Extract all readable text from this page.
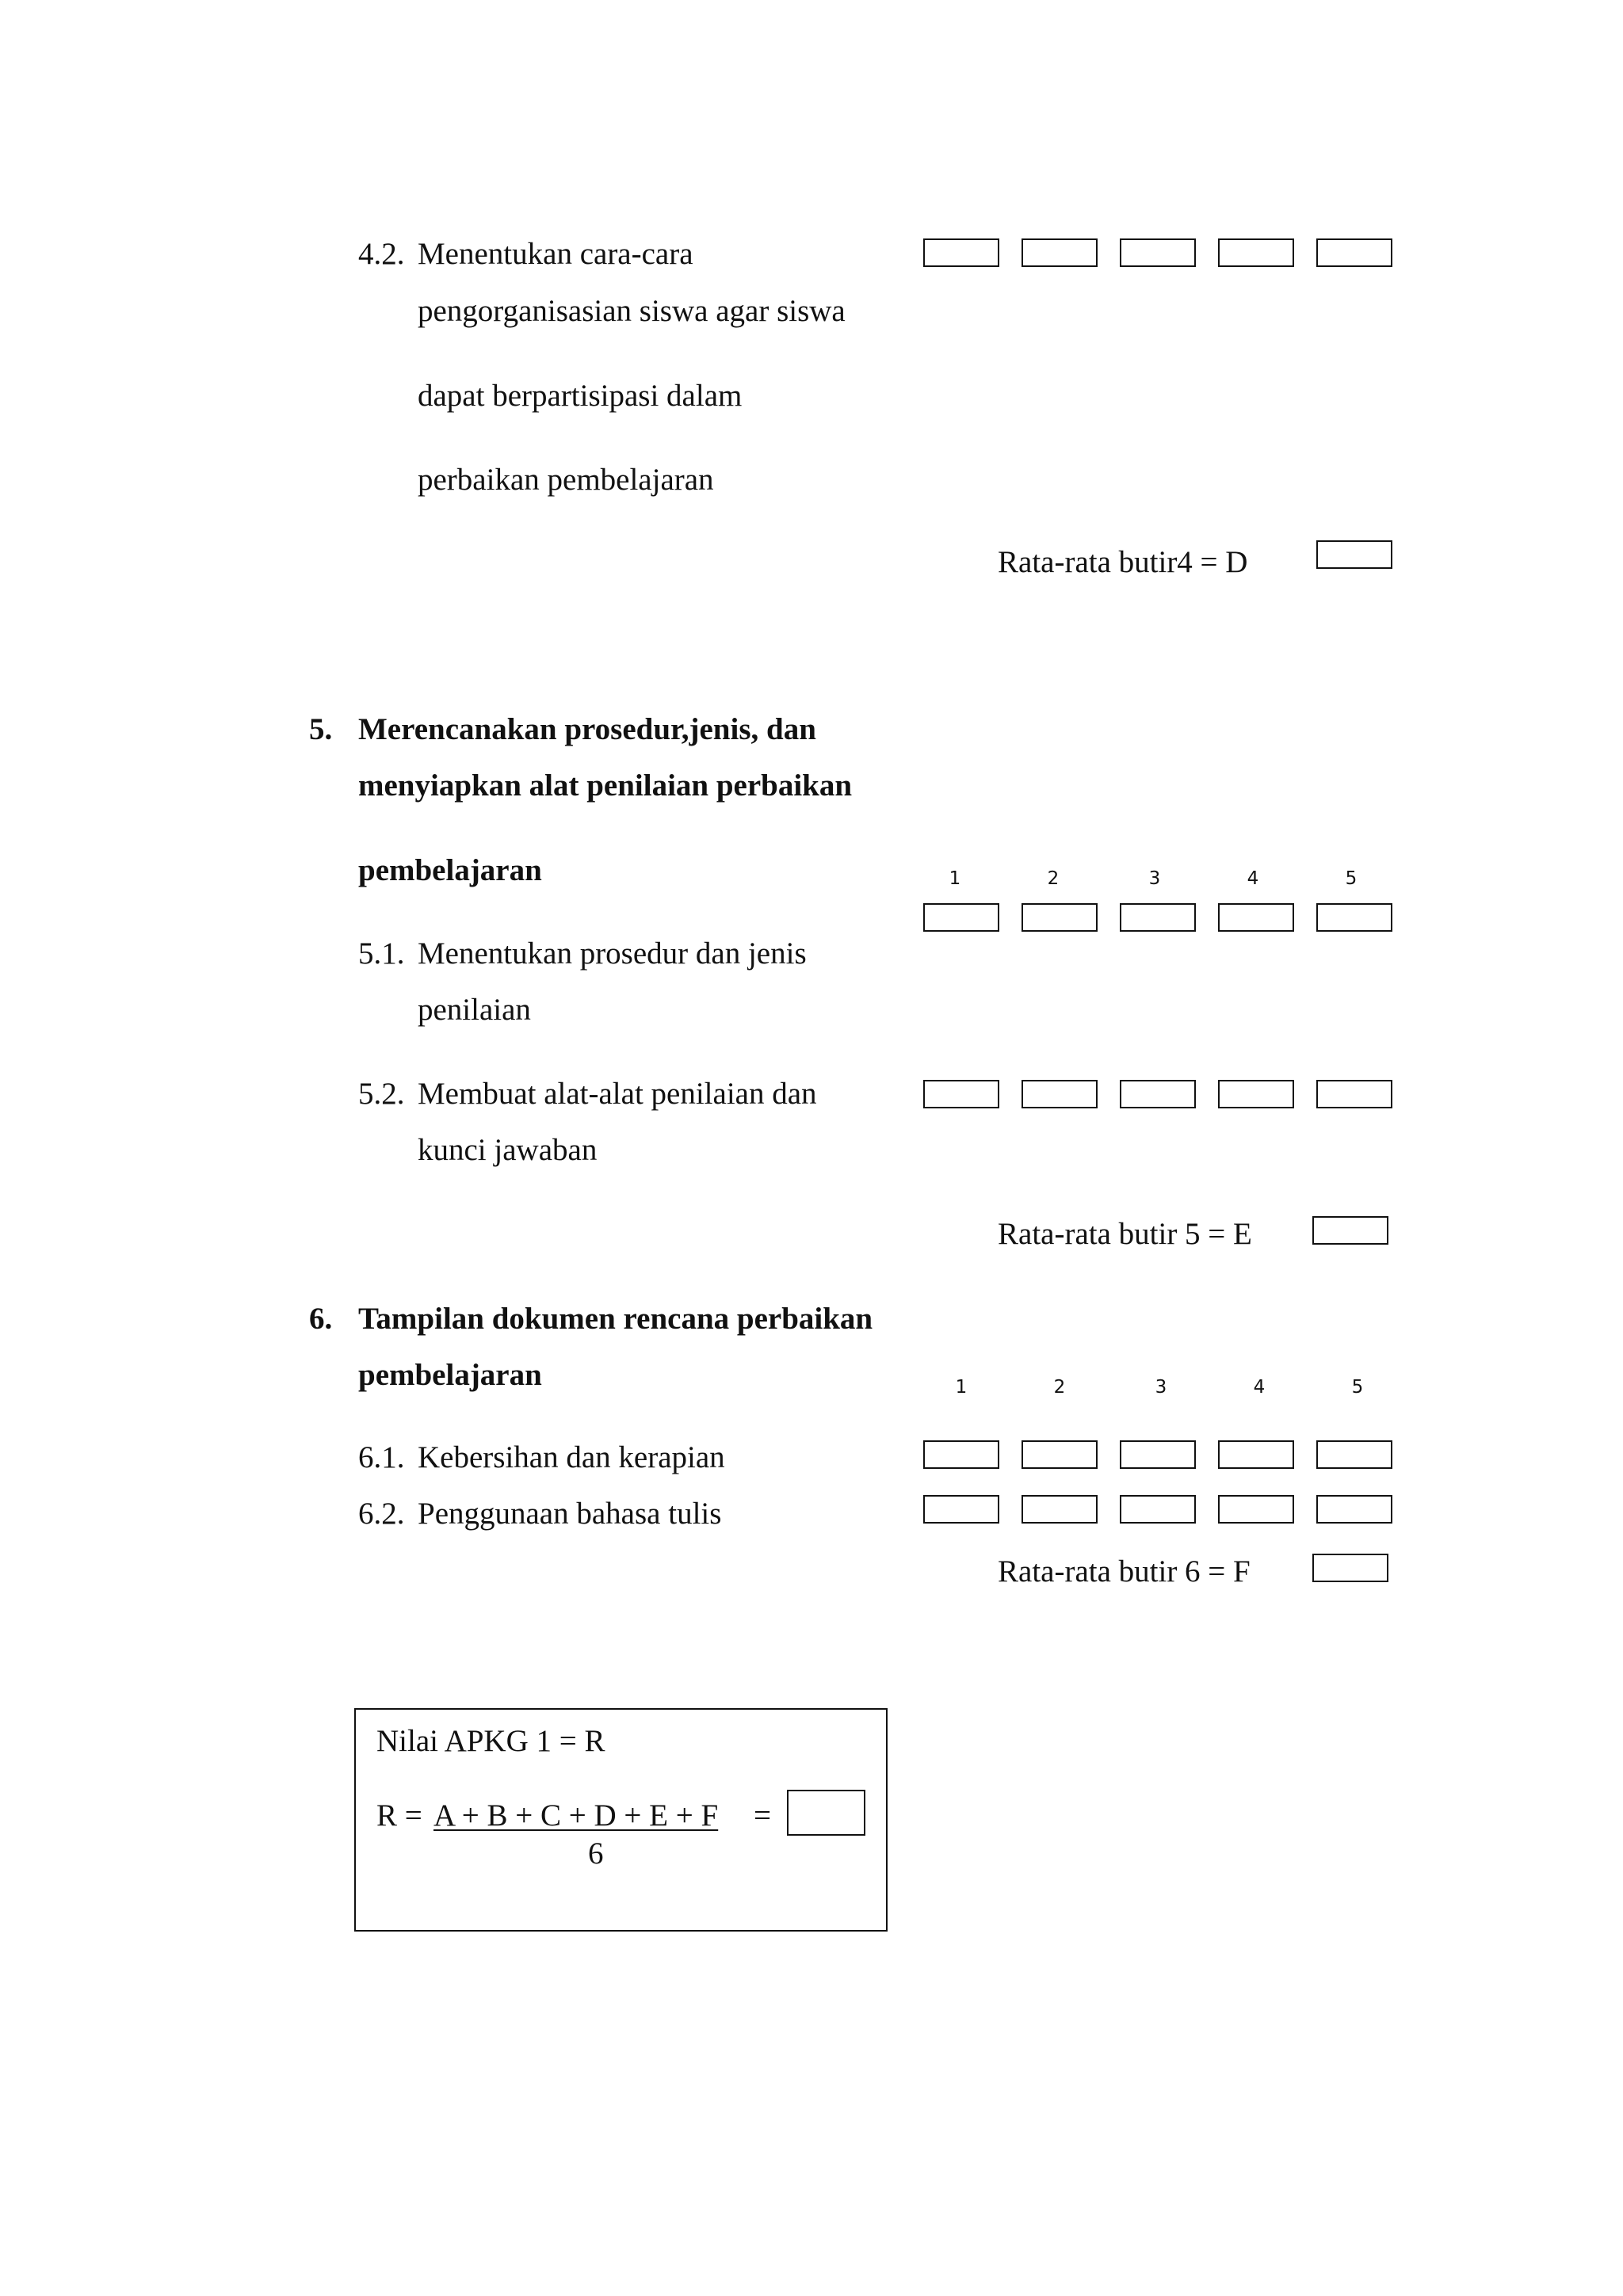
4.2. Menentukan cara-cara
pengorganisasian siswa agar siswa
dapat berpartisipasi dalam
perbaikan pembelajaran
Rata-rata butir4 = D
5. Merencanakan prosedur,jenis, dan
menyiapkan alat penilaian perbaikan
pembelajaran	1	2	3	4	5
5.1. Menentukan prosedur dan jenis
penilaian
5.2. Membuat alat-alat penilaian dan
kunci jawaban
Rata-rata butir 5 = E
6. Tampilan dokumen rencana perbaikan
pembelajaran	1	2	3	4	5
6.1. Kebersihan dan kerapian
6.2. Penggunaan bahasa tulis
Rata-rata butir 6 = F
Nilai APKG 1 = R
R = A + B + C + D + E + F =
6
